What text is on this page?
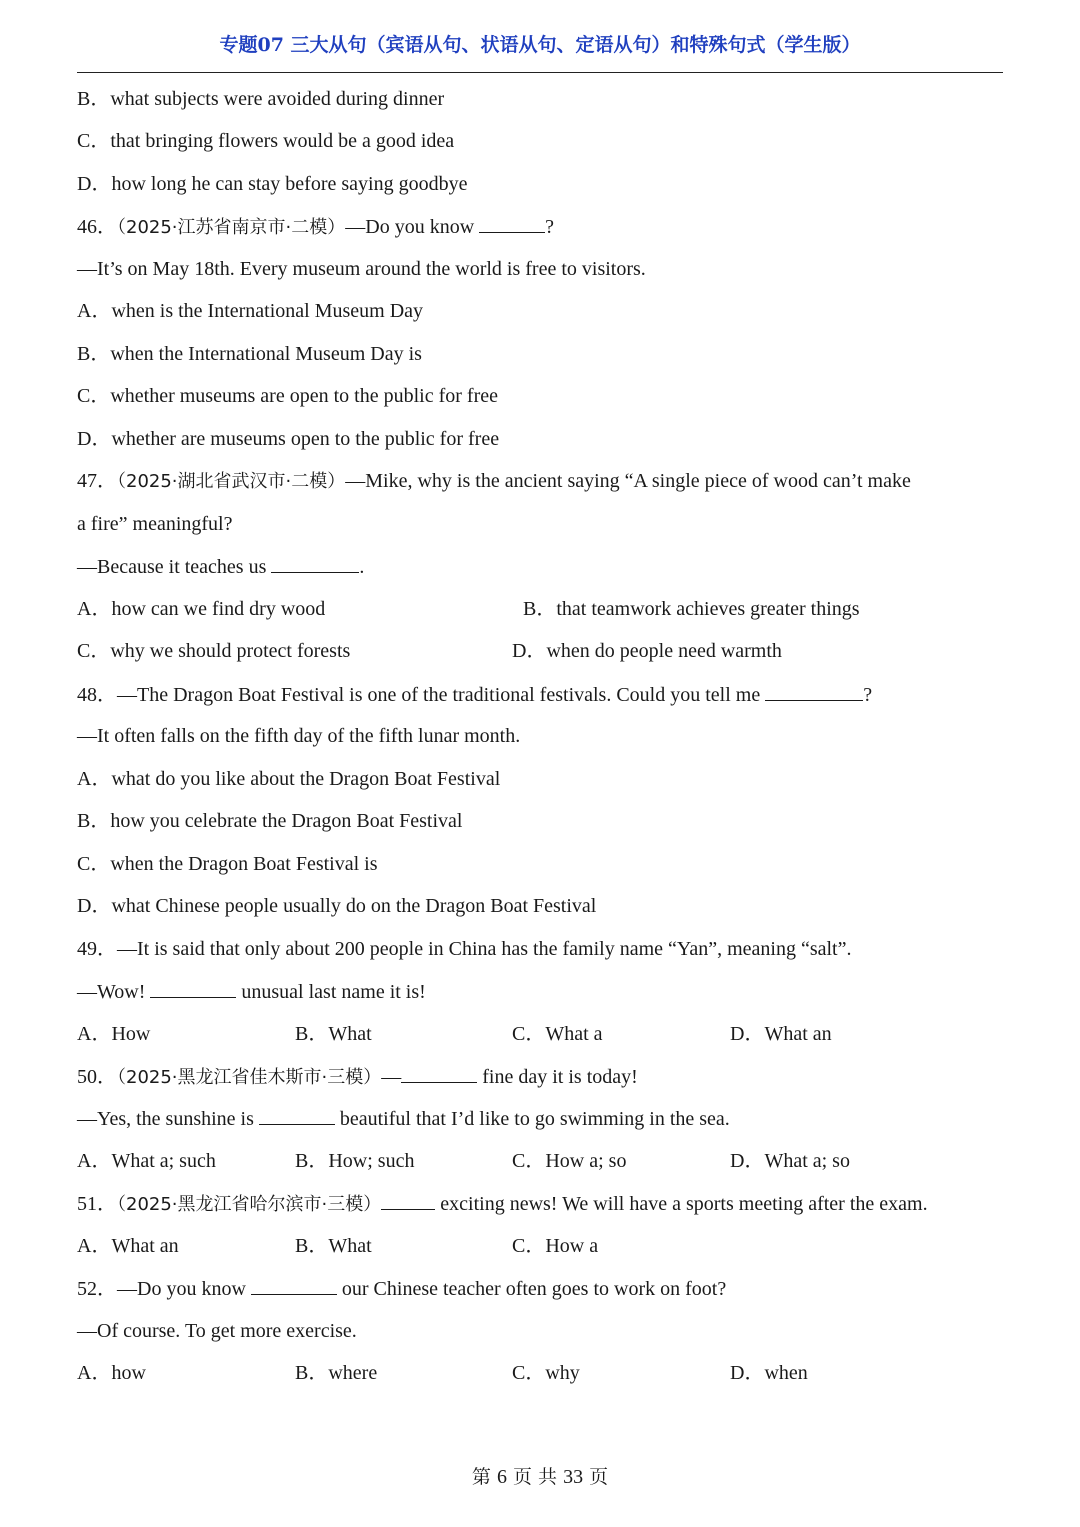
专题07 三大从句（宾语从句、状语从句、定语从句）和特殊句式（学生版）
B．what subjects were avoided during dinner
C．that bringing flowers would be a good idea
D．how long he can stay before saying goodbye
46．（2025·江苏省南京市·二模）—Do you know	?
—It’s on May 18th. Every museum around the world is free to visitors.
A．when is the International Museum Day
B．when the International Museum Day is
C．whether museums are open to the public for free
D．whether are museums open to the public for free
47．（2025·湖北省武汉市·二模）—Mike, why is the ancient saying “A single piece of wood can’t make
a fire” meaningful?
—Because it teaches us	.
A．how can we find dry wood	B．that teamwork achieves greater things
C．why we should protect forests	D．when do people need warmth
48．—The Dragon Boat Festival is one of the traditional festivals. Could you tell me	?
—It often falls on the fifth day of the fifth lunar month.
A．what do you like about the Dragon Boat Festival
B．how you celebrate the Dragon Boat Festival
C．when the Dragon Boat Festival is
D．what Chinese people usually do on the Dragon Boat Festival
49．—It is said that only about 200 people in China has the family name “Yan”, meaning “salt”.
—Wow!	unusual last name it is!
A．How	B．What	C．What a	D．What an
50．（2025·黑龙江省佳木斯市·三模）—	fine day it is today!
—Yes, the sunshine is	beautiful that I’d like to go swimming in the sea.
A．What a; such	B．How; such	C．How a; so	D．What a; so
51．（2025·黑龙江省哈尔滨市·三模）	exciting news! We will have a sports meeting after the exam.
A．What an	B．What	C．How a
52．—Do you know	our Chinese teacher often goes to work on foot?
—Of course. To get more exercise.
A．how	B．where	C．why	D．when
第 6 页 共 33 页
